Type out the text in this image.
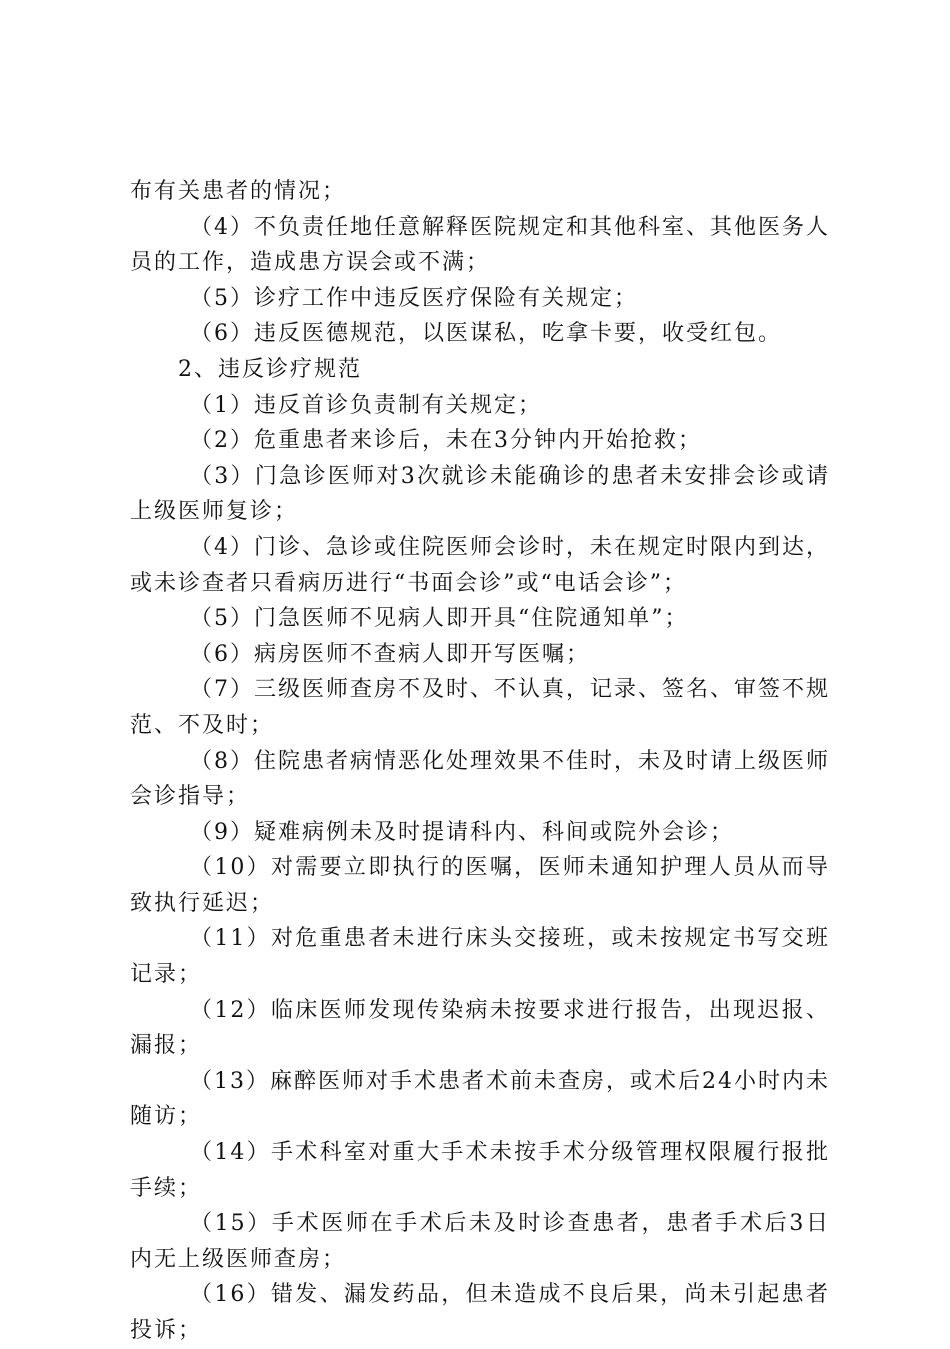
布有关患者的情况；

（4）不负责任地任意解释医院规定和其他科室、其他医务人员的工作，造成患方误会或不满；

（5）诊疗工作中违反医疗保险有关规定；

（6）违反医德规范，以医谋私，吃拿卡要，收受红包。

2、违反诊疗规范

（1）违反首诊负责制有关规定；

（2）危重患者来诊后，未在3分钟内开始抢救；

（3）门急诊医师对3次就诊未能确诊的患者未安排会诊或请上级医师复诊；

（4）门诊、急诊或住院医师会诊时，未在规定时限内到达，或未诊查者只看病历进行“书面会诊”或“电话会诊”；

（5）门急医师不见病人即开具“住院通知单”；

（6）病房医师不查病人即开写医嘱；

（7）三级医师查房不及时、不认真，记录、签名、审签不规范、不及时；

（8）住院患者病情恶化处理效果不佳时，未及时请上级医师会诊指导；

（9）疑难病例未及时提请科内、科间或院外会诊；

（10）对需要立即执行的医嘱，医师未通知护理人员从而导致执行延迟；

（11）对危重患者未进行床头交接班，或未按规定书写交班记录；

（12）临床医师发现传染病未按要求进行报告，出现迟报、漏报；

（13）麻醉医师对手术患者术前未查房，或术后24小时内未随访；

（14）手术科室对重大手术未按手术分级管理权限履行报批手续；

（15）手术医师在手术后未及时诊查患者，患者手术后3日内无上级医师查房；

（16）错发、漏发药品，但未造成不良后果，尚未引起患者投诉；
